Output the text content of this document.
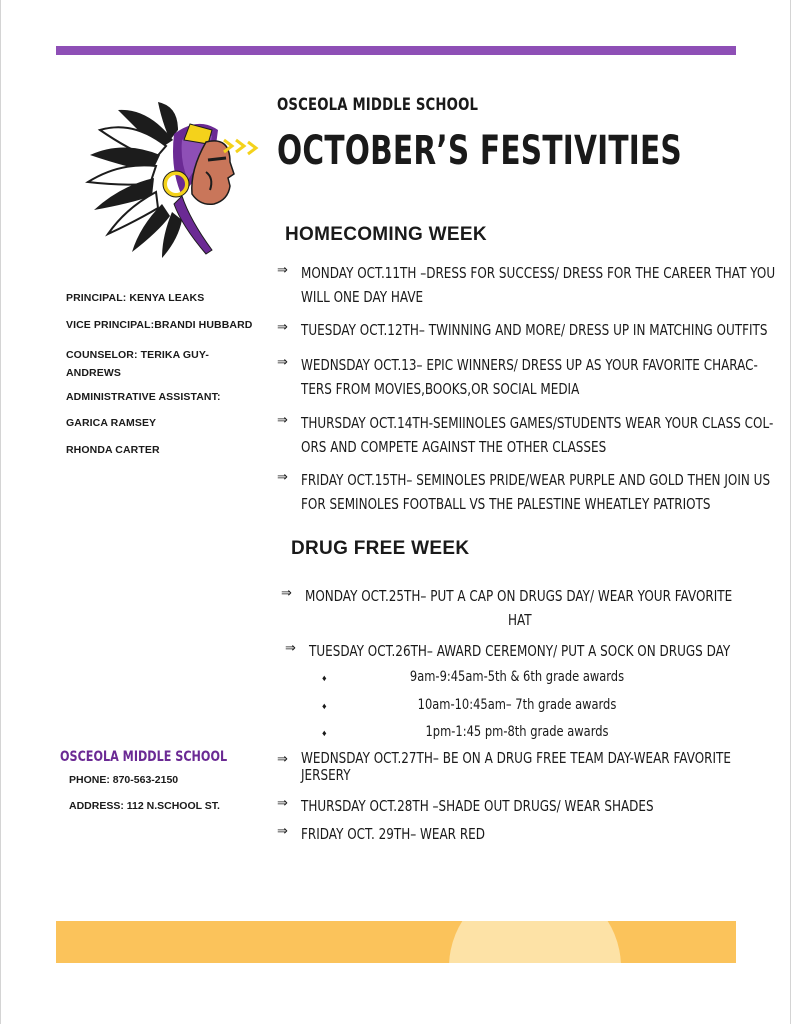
OSCEOLA MIDDLE SCHOOL
OCTOBER’S FESTIVITIES
HOMECOMING WEEK
⇒ MONDAY OCT.11TH –DRESS FOR SUCCESS/ DRESS FOR THE CAREER THAT YOU
WILL ONE DAY HAVE
⇒ TUESDAY OCT.12TH– TWINNING AND MORE/ DRESS UP IN MATCHING OUTFITS
⇒ WEDNSDAY OCT.13– EPIC WINNERS/ DRESS UP AS YOUR FAVORITE CHARAC-
TERS FROM MOVIES,BOOKS,OR SOCIAL MEDIA
⇒ THURSDAY OCT.14TH-SEMIINOLES GAMES/STUDENTS WEAR YOUR CLASS COL-
ORS AND COMPETE AGAINST THE OTHER CLASSES
⇒ FRIDAY OCT.15TH– SEMINOLES PRIDE/WEAR PURPLE AND GOLD THEN JOIN US
FOR SEMINOLES FOOTBALL VS THE PALESTINE WHEATLEY PATRIOTS
DRUG FREE WEEK
⇒ MONDAY OCT.25TH– PUT A CAP ON DRUGS DAY/ WEAR YOUR FAVORITE
HAT
⇒ TUESDAY OCT.26TH– AWARD CEREMONY/ PUT A SOCK ON DRUGS DAY
♦	9am-9:45am-5th & 6th grade awards
♦	10am-10:45am– 7th grade awards
♦	1pm-1:45 pm-8th grade awards
⇒ WEDNSDAY OCT.27TH– BE ON A DRUG FREE TEAM DAY-WEAR FAVORITE
JERSERY
⇒ THURSDAY OCT.28TH –SHADE OUT DRUGS/ WEAR SHADES
⇒ FRIDAY OCT. 29TH– WEAR RED
PRINCIPAL: KENYA LEAKS
VICE PRINCIPAL:BRANDI HUBBARD
COUNSELOR: TERIKA GUY-
ANDREWS
ADMINISTRATIVE ASSISTANT:
GARICA RAMSEY
RHONDA CARTER
OSCEOLA MIDDLE SCHOOL
PHONE: 870-563-2150
ADDRESS: 112 N.SCHOOL ST.
